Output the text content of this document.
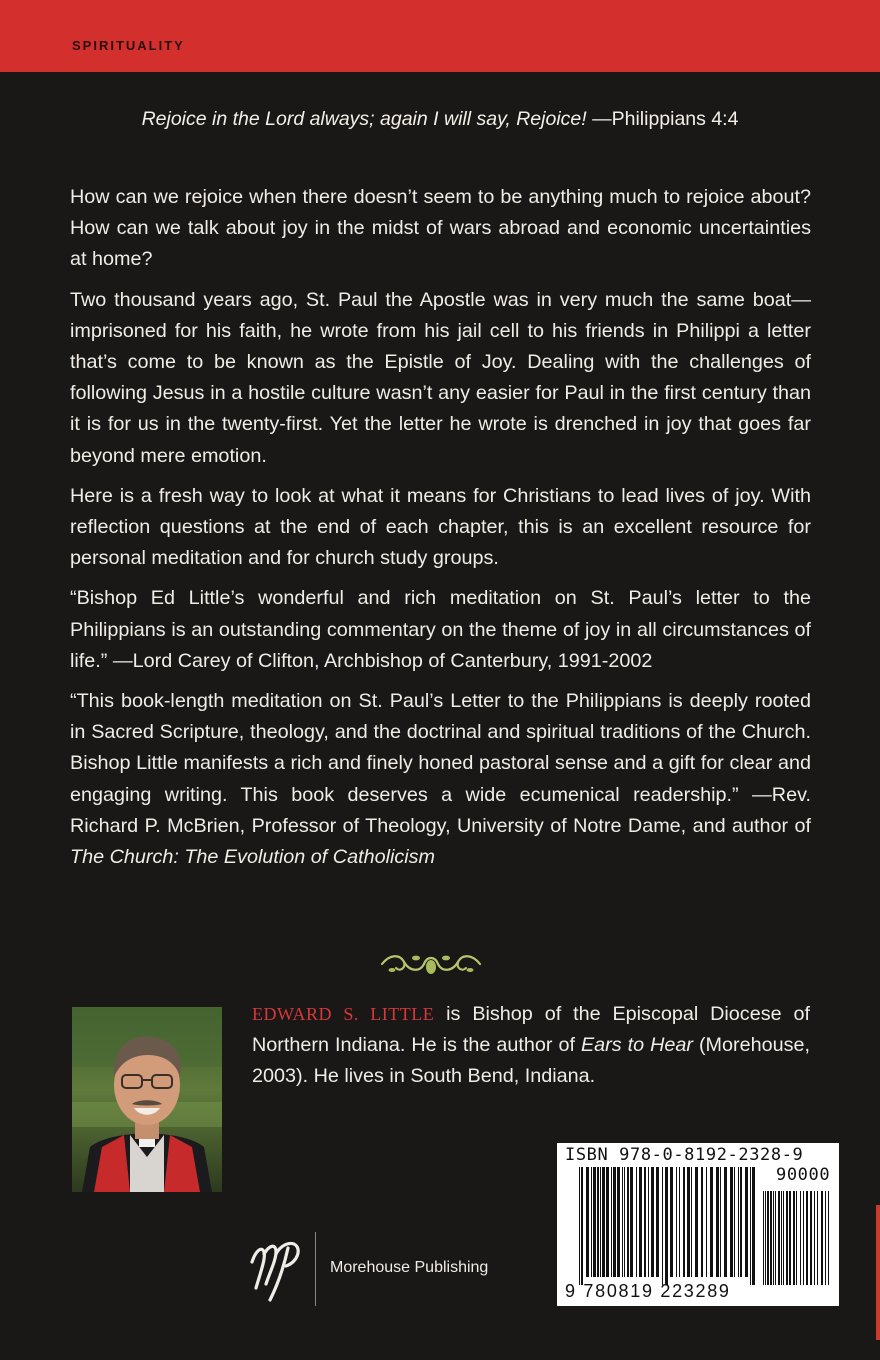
SPIRITUALITY
Rejoice in the Lord always; again I will say, Rejoice! —Philippians 4:4

How can we rejoice when there doesn’t seem to be anything much to rejoice about? How can we talk about joy in the midst of wars abroad and economic uncertainties at home?

Two thousand years ago, St. Paul the Apostle was in very much the same boat—imprisoned for his faith, he wrote from his jail cell to his friends in Philippi a letter that’s come to be known as the Epistle of Joy. Dealing with the challenges of following Jesus in a hostile culture wasn’t any easier for Paul in the first century than it is for us in the twenty-first. Yet the letter he wrote is drenched in joy that goes far beyond mere emotion.

Here is a fresh way to look at what it means for Christians to lead lives of joy. With reflection questions at the end of each chapter, this is an excellent resource for personal meditation and for church study groups.

“Bishop Ed Little’s wonderful and rich meditation on St. Paul’s letter to the Philippians is an outstanding commentary on the theme of joy in all circumstances of life.” —Lord Carey of Clifton, Archbishop of Canterbury, 1991-2002

“This book-length meditation on St. Paul’s Letter to the Philippians is deeply rooted in Sacred Scripture, theology, and the doctrinal and spiritual traditions of the Church. Bishop Little manifests a rich and finely honed pastoral sense and a gift for clear and engaging writing. This book deserves a wide ecumenical readership.” —Rev. Richard P. McBrien, Professor of Theology, University of Notre Dame, and author of The Church: The Evolution of Catholicism

EDWARD S. LITTLE is Bishop of the Episcopal Diocese of Northern Indiana. He is the author of Ears to Hear (Morehouse, 2003). He lives in South Bend, Indiana.
Morehouse Publishing
ISBN 978-0-8192-2328-9
90000
9 780819 223289
